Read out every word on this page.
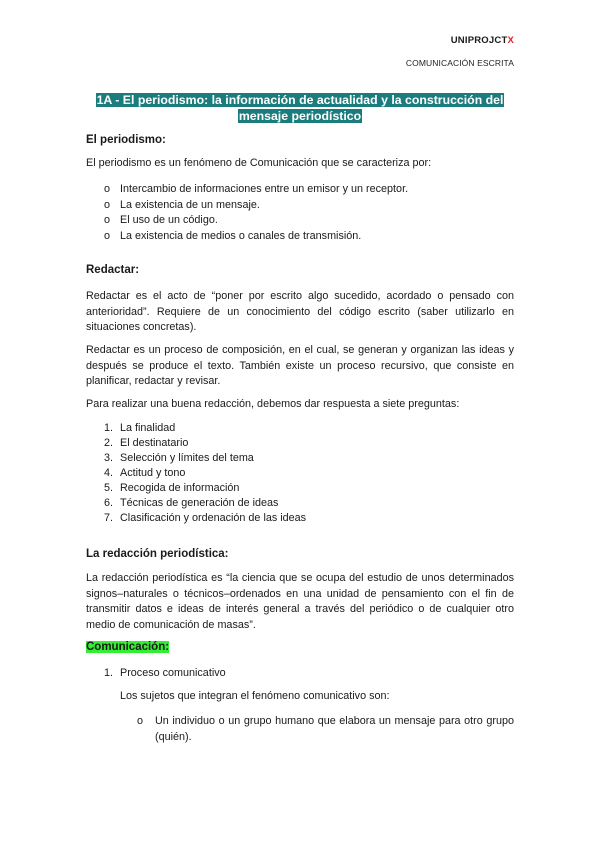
UNIPROJCTX
COMUNICACIÓN ESCRITA
1A - El periodismo: la información de actualidad y la construcción del
mensaje periodístico
El periodismo:
El periodismo es un fenómeno de Comunicación que se caracteriza por:
o Intercambio de informaciones entre un emisor y un receptor.
o La existencia de un mensaje.
o El uso de un código.
o La existencia de medios o canales de transmisión.
Redactar:
Redactar es el acto de “poner por escrito algo sucedido, acordado o pensado con anterioridad”. Requiere de un conocimiento del código escrito (saber utilizarlo en situaciones concretas).
Redactar es un proceso de composición, en el cual, se generan y organizan las ideas y después se produce el texto. También existe un proceso recursivo, que consiste en planificar, redactar y revisar.
Para realizar una buena redacción, debemos dar respuesta a siete preguntas:
1. La finalidad
2. El destinatario
3. Selección y límites del tema
4. Actitud y tono
5. Recogida de información
6. Técnicas de generación de ideas
7. Clasificación y ordenación de las ideas
La redacción periodística:
La redacción periodística es “la ciencia que se ocupa del estudio de unos determinados signos–naturales o técnicos–ordenados en una unidad de pensamiento con el fin de transmitir datos e ideas de interés general a través del periódico o de cualquier otro medio de comunicación de masas”.
Comunicación:
1. Proceso comunicativo
Los sujetos que integran el fenómeno comunicativo son:
o Un individuo o un grupo humano que elabora un mensaje para otro grupo (quién).
